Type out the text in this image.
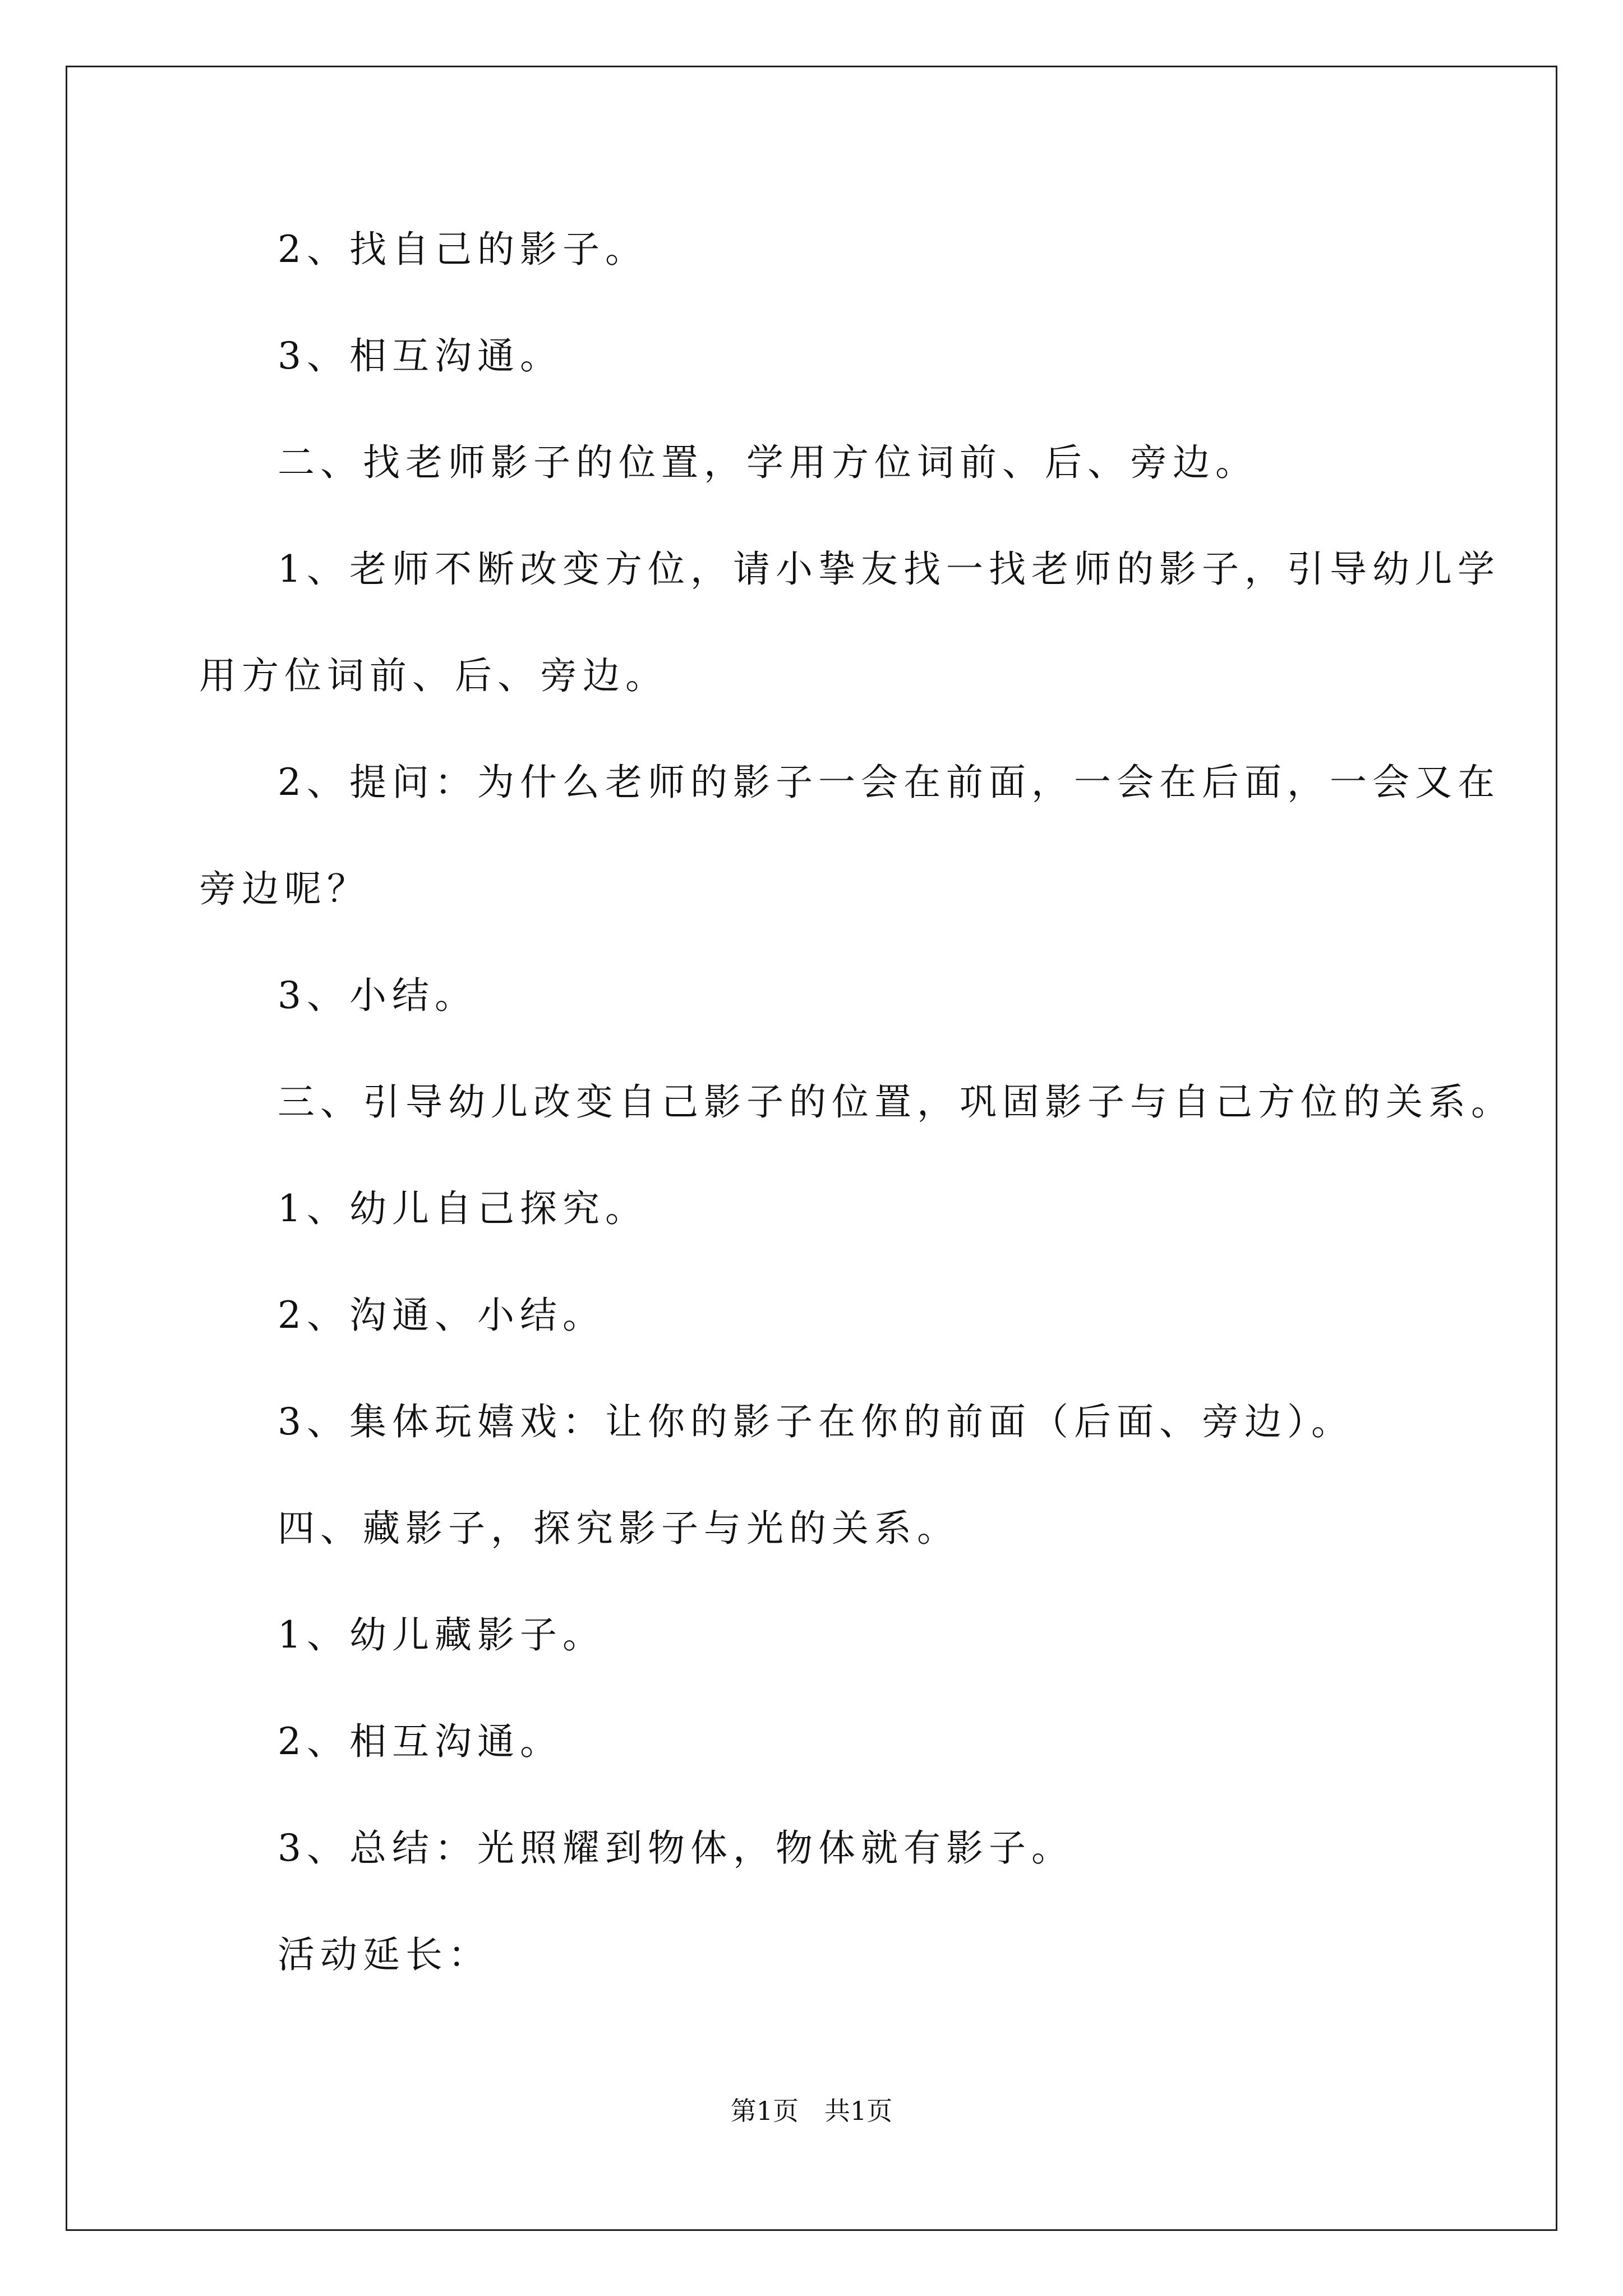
2、找自己的影子。
3、相互沟通。
二、找老师影子的位置，学用方位词前、后、旁边。
1、老师不断改变方位，请小挚友找一找老师的影子，引导幼儿学
用方位词前、后、旁边。
2、提问：为什么老师的影子一会在前面，一会在后面，一会又在
旁边呢？
3、小结。
三、引导幼儿改变自己影子的位置，巩固影子与自己方位的关系。
1、幼儿自己探究。
2、沟通、小结。
3、集体玩嬉戏：让你的影子在你的前面（后面、旁边）。
四、藏影子，探究影子与光的关系。
1、幼儿藏影子。
2、相互沟通。
3、总结：光照耀到物体，物体就有影子。
活动延长：
第1页　共1页
